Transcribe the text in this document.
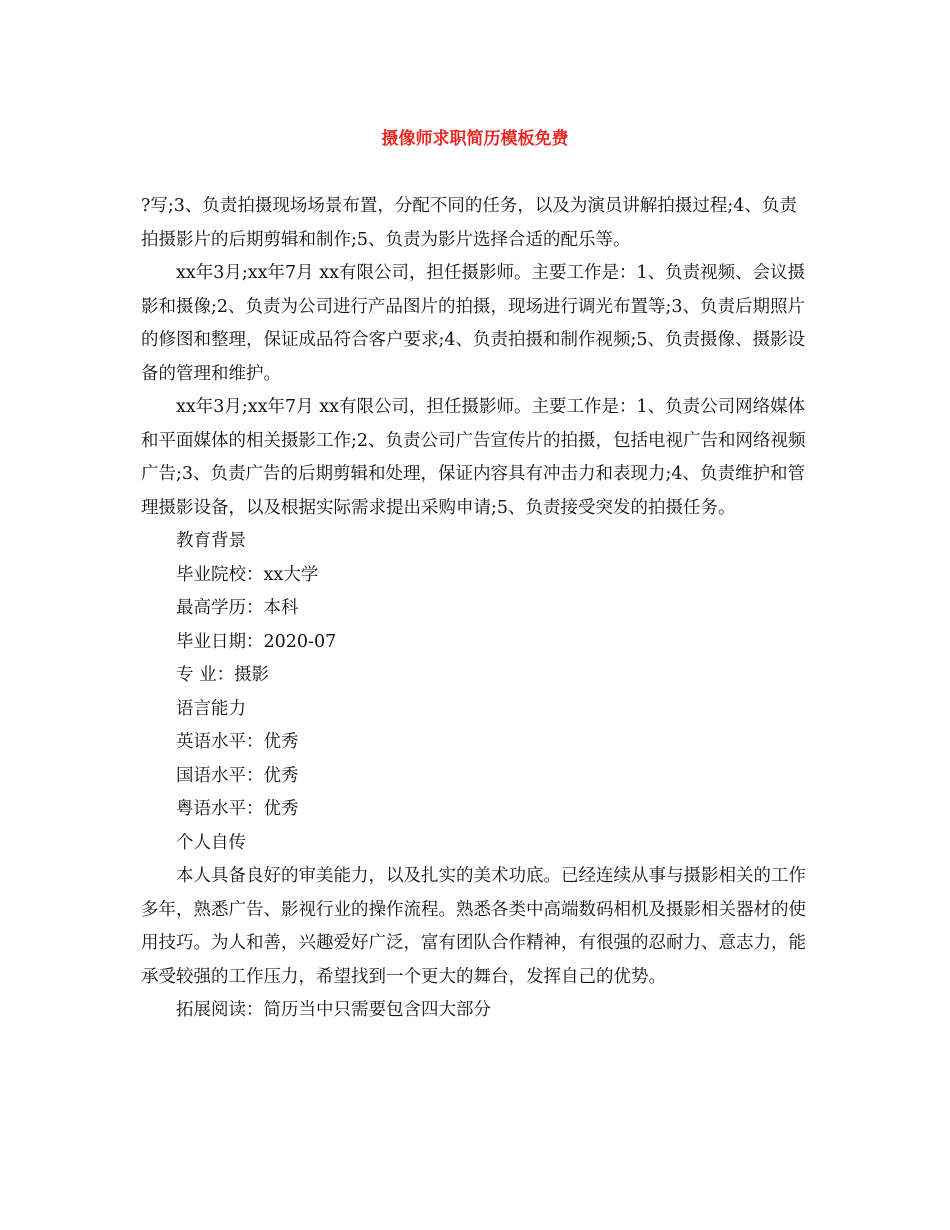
摄像师求职简历模板免费

?写;3、负责拍摄现场场景布置，分配不同的任务，以及为演员讲解拍摄过程;4、负责拍摄影片的后期剪辑和制作;5、负责为影片选择合适的配乐等。

xx年3月;xx年7月 xx有限公司，担任摄影师。主要工作是：1、负责视频、会议摄影和摄像;2、负责为公司进行产品图片的拍摄，现场进行调光布置等;3、负责后期照片的修图和整理，保证成品符合客户要求;4、负责拍摄和制作视频;5、负责摄像、摄影设备的管理和维护。

xx年3月;xx年7月 xx有限公司，担任摄影师。主要工作是：1、负责公司网络媒体和平面媒体的相关摄影工作;2、负责公司广告宣传片的拍摄，包括电视广告和网络视频广告;3、负责广告的后期剪辑和处理，保证内容具有冲击力和表现力;4、负责维护和管理摄影设备，以及根据实际需求提出采购申请;5、负责接受突发的拍摄任务。

教育背景

毕业院校：xx大学

最高学历：本科

毕业日期：2020-07

专 业：摄影

语言能力

英语水平：优秀

国语水平：优秀

粤语水平：优秀

个人自传

本人具备良好的审美能力，以及扎实的美术功底。已经连续从事与摄影相关的工作多年，熟悉广告、影视行业的操作流程。熟悉各类中高端数码相机及摄影相关器材的使用技巧。为人和善，兴趣爱好广泛，富有团队合作精神，有很强的忍耐力、意志力，能承受较强的工作压力，希望找到一个更大的舞台，发挥自己的优势。

拓展阅读：简历当中只需要包含四大部分
